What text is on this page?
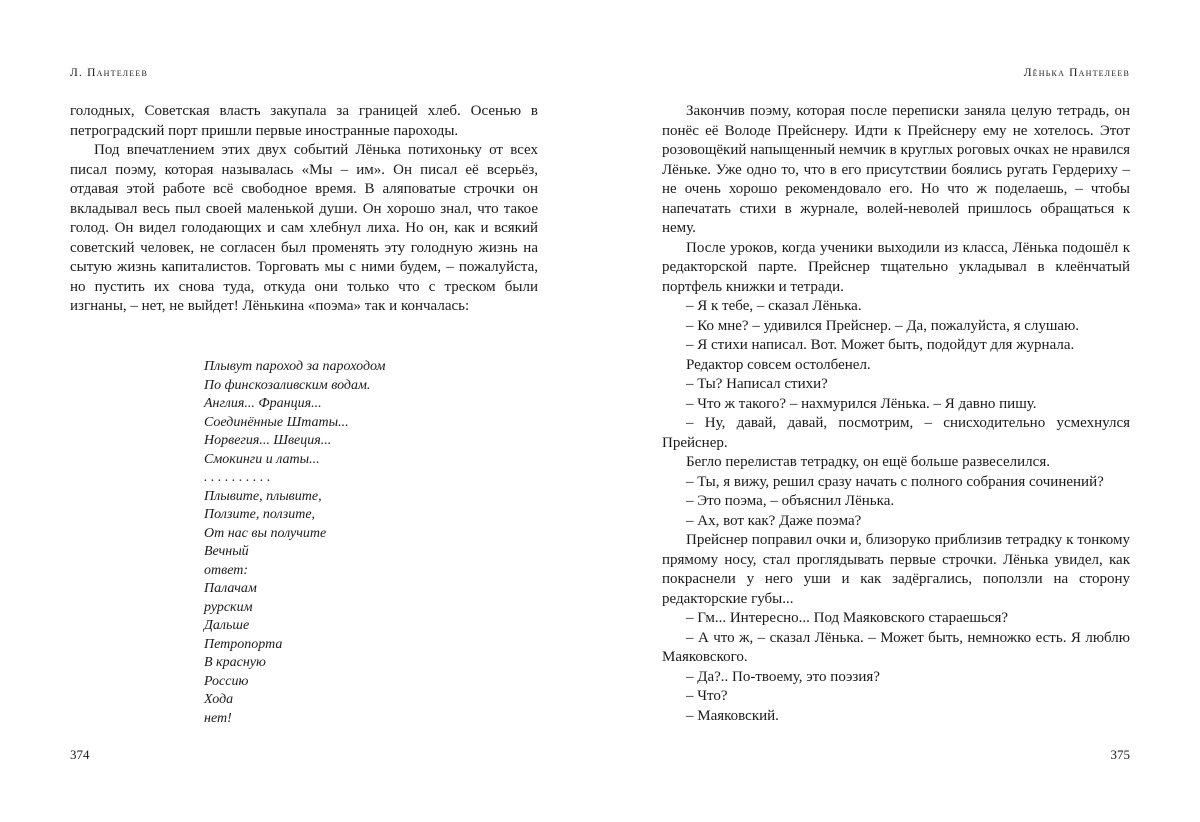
Л. Пантелеев

голодных, Советская власть закупала за границей хлеб. Осенью в петроградский порт пришли первые иностранные пароходы.

Под впечатлением этих двух событий Лёнька потихоньку от всех писал поэму, которая называлась «Мы – им». Он писал её всерьёз, отдавая этой работе всё свободное время. В аляповатые строчки он вкладывал весь пыл своей маленькой души. Он хорошо знал, что такое голод. Он видел голодающих и сам хлебнул лиха. Но он, как и всякий советский человек, не согласен был променять эту голодную жизнь на сытую жизнь капиталистов. Торговать мы с ними будем, – пожалуйста, но пустить их снова туда, откуда они только что с треском были изгнаны, – нет, не выйдет! Лёнькина «поэма» так и кончалась:

Плывут пароход за пароходом
По финскозаливским водам.
Англия... Франция...
Соединённые Штаты...
Норвегия... Швеция...
Смокинги и латы...
. . . . . . . . . .
Плывите, плывите,
Ползите, ползите,
От нас вы получите
Вечный
ответ:
Палачам
рурским
Дальше
Петропорта
В красную
Россию
Хода
нет!
374
Лёнька Пантелеев

Закончив поэму, которая после переписки заняла целую тетрадь, он понёс её Володе Прейснеру. Идти к Прейснеру ему не хотелось. Этот розовощёкий напыщенный немчик в круглых роговых очках не нравился Лёньке. Уже одно то, что в его присутствии боялись ругать Гердериху – не очень хорошо рекомендовало его. Но что ж поделаешь, – чтобы напечатать стихи в журнале, волей-неволей пришлось обращаться к нему.

После уроков, когда ученики выходили из класса, Лёнька подошёл к редакторской парте. Прейснер тщательно укладывал в клеёнчатый портфель книжки и тетради.

– Я к тебе, – сказал Лёнька.

– Ко мне? – удивился Прейснер. – Да, пожалуйста, я слушаю.

– Я стихи написал. Вот. Может быть, подойдут для журнала.

Редактор совсем остолбенел.

– Ты? Написал стихи?

– Что ж такого? – нахмурился Лёнька. – Я давно пишу.

– Ну, давай, давай, посмотрим, – снисходительно усмехнулся Прейснер.

Бегло перелистав тетрадку, он ещё больше развеселился.

– Ты, я вижу, решил сразу начать с полного собрания сочинений?

– Это поэма, – объяснил Лёнька.

– Ах, вот как? Даже поэма?

Прейснер поправил очки и, близоруко приблизив тетрадку к тонкому прямому носу, стал проглядывать первые строчки. Лёнька увидел, как покраснели у него уши и как задёргались, поползли на сторону редакторские губы...

– Гм... Интересно... Под Маяковского стараешься?

– А что ж, – сказал Лёнька. – Может быть, немножко есть. Я люблю Маяковского.

– Да?.. По-твоему, это поэзия?

– Что?

– Маяковский.

375
